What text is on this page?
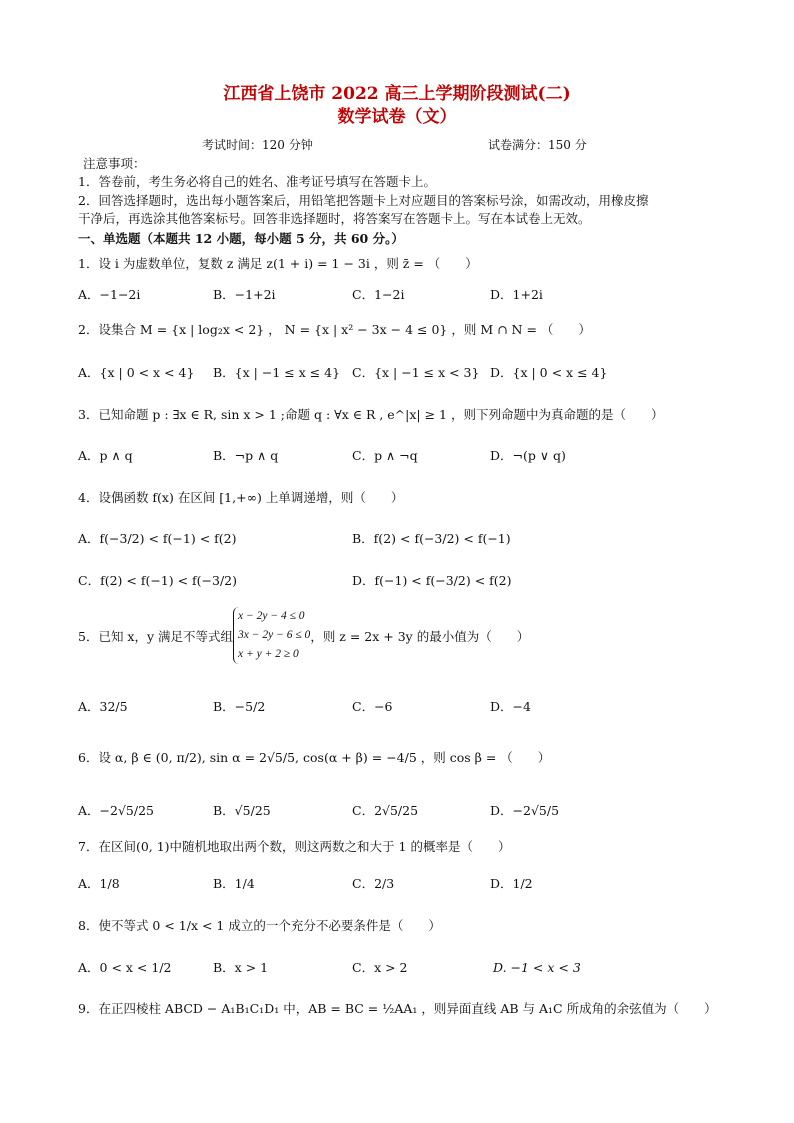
江西省上饶市 2022 高三上学期阶段测试(二)
数学试卷（文）
考试时间：120 分钟	试卷满分：150 分
注意事项：
1．答卷前，考生务必将自己的姓名、准考证号填写在答题卡上。
2．回答选择题时，选出每小题答案后，用铅笔把答题卡上对应题目的答案标号涂，如需改动，用橡皮擦
干净后，再选涂其他答案标号。回答非选择题时，将答案写在答题卡上。写在本试卷上无效。
一、单选题（本题共 12 小题，每小题 5 分，共 60 分。）
1．设 i 为虚数单位，复数 z 满足 z(1 + i) = 1 − 3i ，则 z̄ = （　　）
A．−1−2i	B．−1+2i	C．1−2i	D．1+2i
2．设集合 M = {x | log₂x < 2} ， N = {x | x² − 3x − 4 ≤ 0} ，则 M ∩ N = （　　）
A．{x | 0 < x < 4} B．{x | −1 ≤ x ≤ 4} C．{x | −1 ≤ x < 3} D．{x | 0 < x ≤ 4}
3．已知命题 p : ∃x ∈ R, sin x > 1 ;命题 q : ∀x ∈ R , e^|x| ≥ 1 ，则下列命题中为真命题的是（　　）
A．p ∧ q	B．¬p ∧ q	C．p ∧ ¬q	D．¬(p ∨ q)
4．设偶函数 f(x) 在区间 [1,+∞) 上单调递增，则（　　）
A．f(−3/2) < f(−1) < f(2)	B．f(2) < f(−3/2) < f(−1)
C．f(2) < f(−1) < f(−3/2)	D．f(−1) < f(−3/2) < f(2)
5．已知 x，y 满足不等式组
x − 2y − 4 ≤ 0
3x − 2y − 6 ≤ 0
x + y + 2 ≥ 0
，则 z = 2x + 3y 的最小值为（　　）
A．32/5	B．−5/2	C．−6	D．−4
6．设 α, β ∈ (0, π/2), sin α = 2√5/5, cos(α + β) = −4/5 ，则 cos β = （　　）
A．−2√5/25	B．√5/25	C．2√5/25	D．−2√5/5
7．在区间(0, 1)中随机地取出两个数，则这两数之和大于 1 的概率是（　　）
A．1/8	B．1/4	C．2/3	D．1/2
8．使不等式 0 < 1/x < 1 成立的一个充分不必要条件是（　　）
A．0 < x < 1/2	B．x > 1	C．x > 2	D. −1 < x < 3
9．在正四棱柱 ABCD − A₁B₁C₁D₁ 中，AB = BC = ½AA₁ ，则异面直线 AB 与 A₁C 所成角的余弦值为（　　）
